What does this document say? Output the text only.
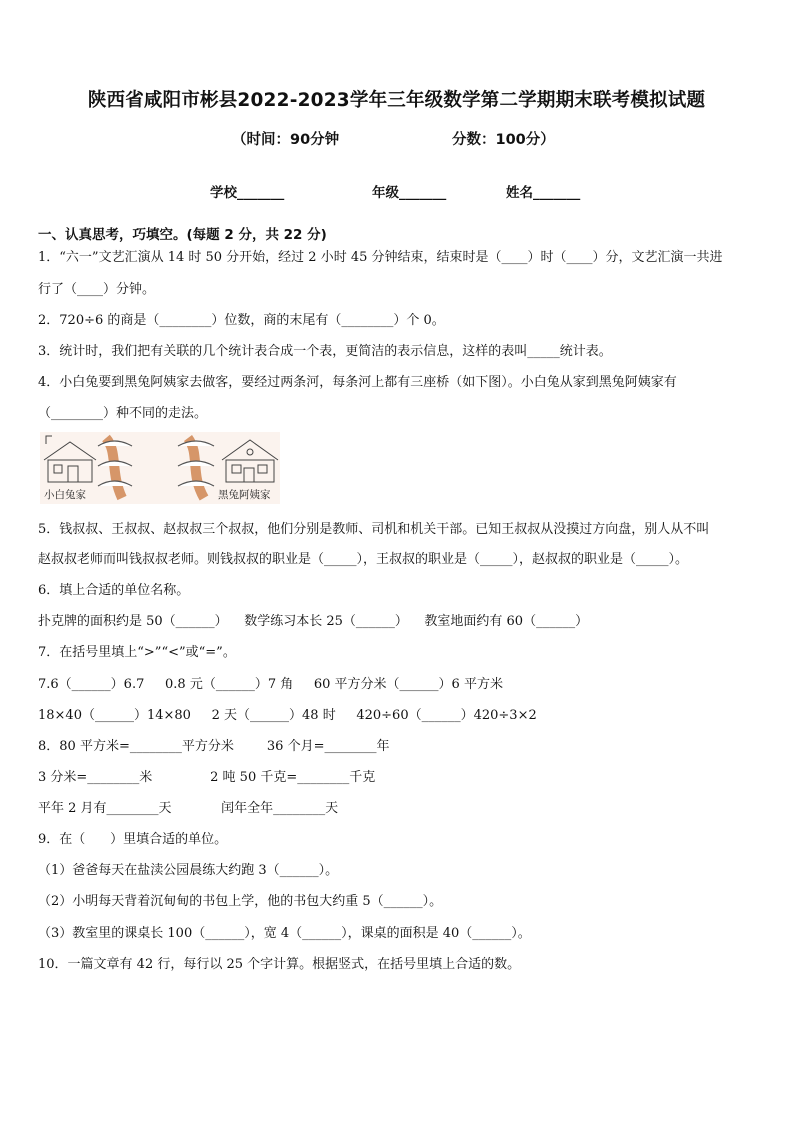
陕西省咸阳市彬县2022-2023学年三年级数学第二学期期末联考模拟试题
（时间：90分钟	分数：100分）
学校_______	年级_______	姓名_______
一、认真思考，巧填空。(每题 2 分，共 22 分)
1．“六一”文艺汇演从 14 时 50 分开始，经过 2 小时 45 分钟结束，结束时是（____）时（____）分，文艺汇演一共进
行了（____）分钟。
2．720÷6 的商是（________）位数，商的末尾有（________）个 0。
3．统计时，我们把有关联的几个统计表合成一个表，更简洁的表示信息，这样的表叫_____统计表。
4．小白兔要到黑兔阿姨家去做客，要经过两条河，每条河上都有三座桥（如下图）。小白兔从家到黑兔阿姨家有
（________）种不同的走法。
小白兔家	黑兔阿姨家
5．钱叔叔、王叔叔、赵叔叔三个叔叔，他们分别是教师、司机和机关干部。已知王叔叔从没摸过方向盘，别人从不叫
赵叔叔老师而叫钱叔叔老师。则钱叔叔的职业是（_____），王叔叔的职业是（_____），赵叔叔的职业是（_____）。
6．填上合适的单位名称。
扑克牌的面积约是 50（______）    数学练习本长 25（______）    教室地面约有 60（______）
7．在括号里填上“>”“<”或“=”。
7.6（______）6.7     0.8 元（______）7 角     60 平方分米（______）6 平方米
18×40（______）14×80     2 天（______）48 时     420÷60（______）420÷3×2
8．80 平方米=________平方分米        36 个月=________年
3 分米=________米              2 吨 50 千克=________千克
平年 2 月有________天            闰年全年________天
9．在（      ）里填合适的单位。
（1）爸爸每天在盐渎公园晨练大约跑 3（______）。
（2）小明每天背着沉甸甸的书包上学，他的书包大约重 5（______）。
（3）教室里的课桌长 100（______），宽 4（______），课桌的面积是 40（______）。
10．一篇文章有 42 行，每行以 25 个字计算。根据竖式，在括号里填上合适的数。
